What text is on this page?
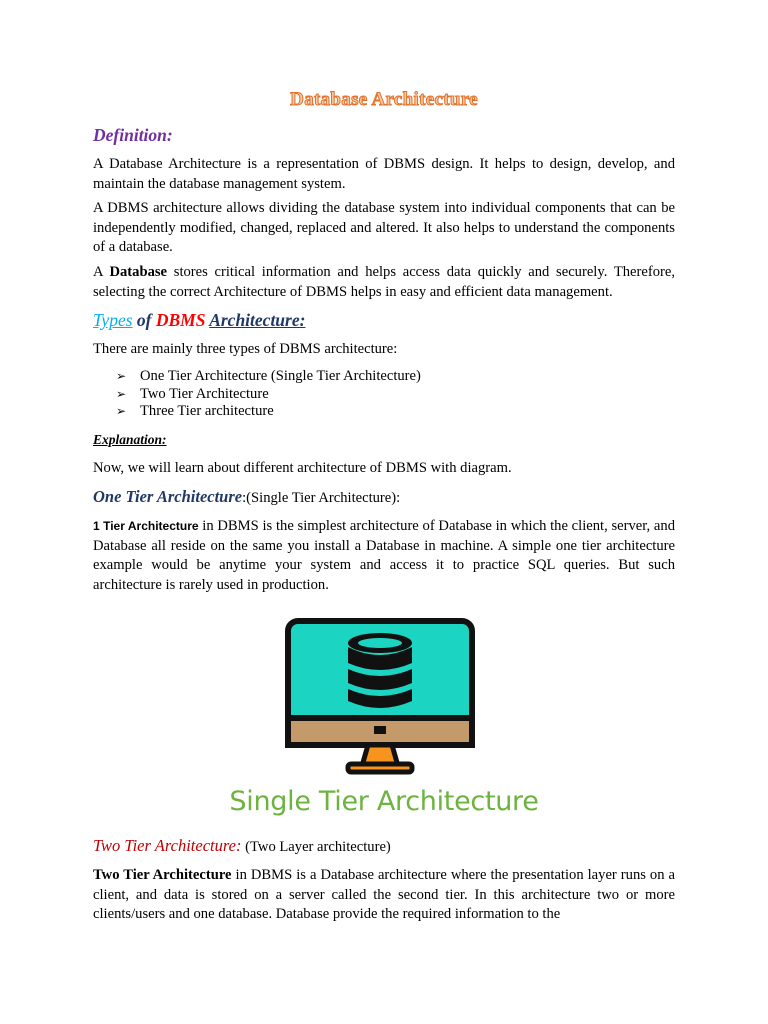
Database Architecture
Definition:

A Database Architecture is a representation of DBMS design. It helps to design, develop, and maintain the database management system.

A DBMS architecture allows dividing the database system into individual components that can be independently modified, changed, replaced and altered. It also helps to understand the components of a database.

A Database stores critical information and helps access data quickly and securely. Therefore, selecting the correct Architecture of DBMS helps in easy and efficient data management.

Types of DBMS Architecture:

There are mainly three types of DBMS architecture:

➢ One Tier Architecture (Single Tier Architecture)
➢ Two Tier Architecture
➢ Three Tier architecture
Explanation:

Now, we will learn about different architecture of DBMS with diagram.

One Tier Architecture:(Single Tier Architecture):

1 Tier Architecture in DBMS is the simplest architecture of Database in which the client, server, and Database all reside on the same you install a Database in machine. A simple one tier architecture example would be anytime your system and access it to practice SQL queries. But such architecture is rarely used in production.

Single Tier Architecture
Two Tier Architecture: (Two Layer architecture)

Two Tier Architecture in DBMS is a Database architecture where the presentation layer runs on a client, and data is stored on a server called the second tier. In this architecture two or more clients/users and one database. Database provide the required information to the
